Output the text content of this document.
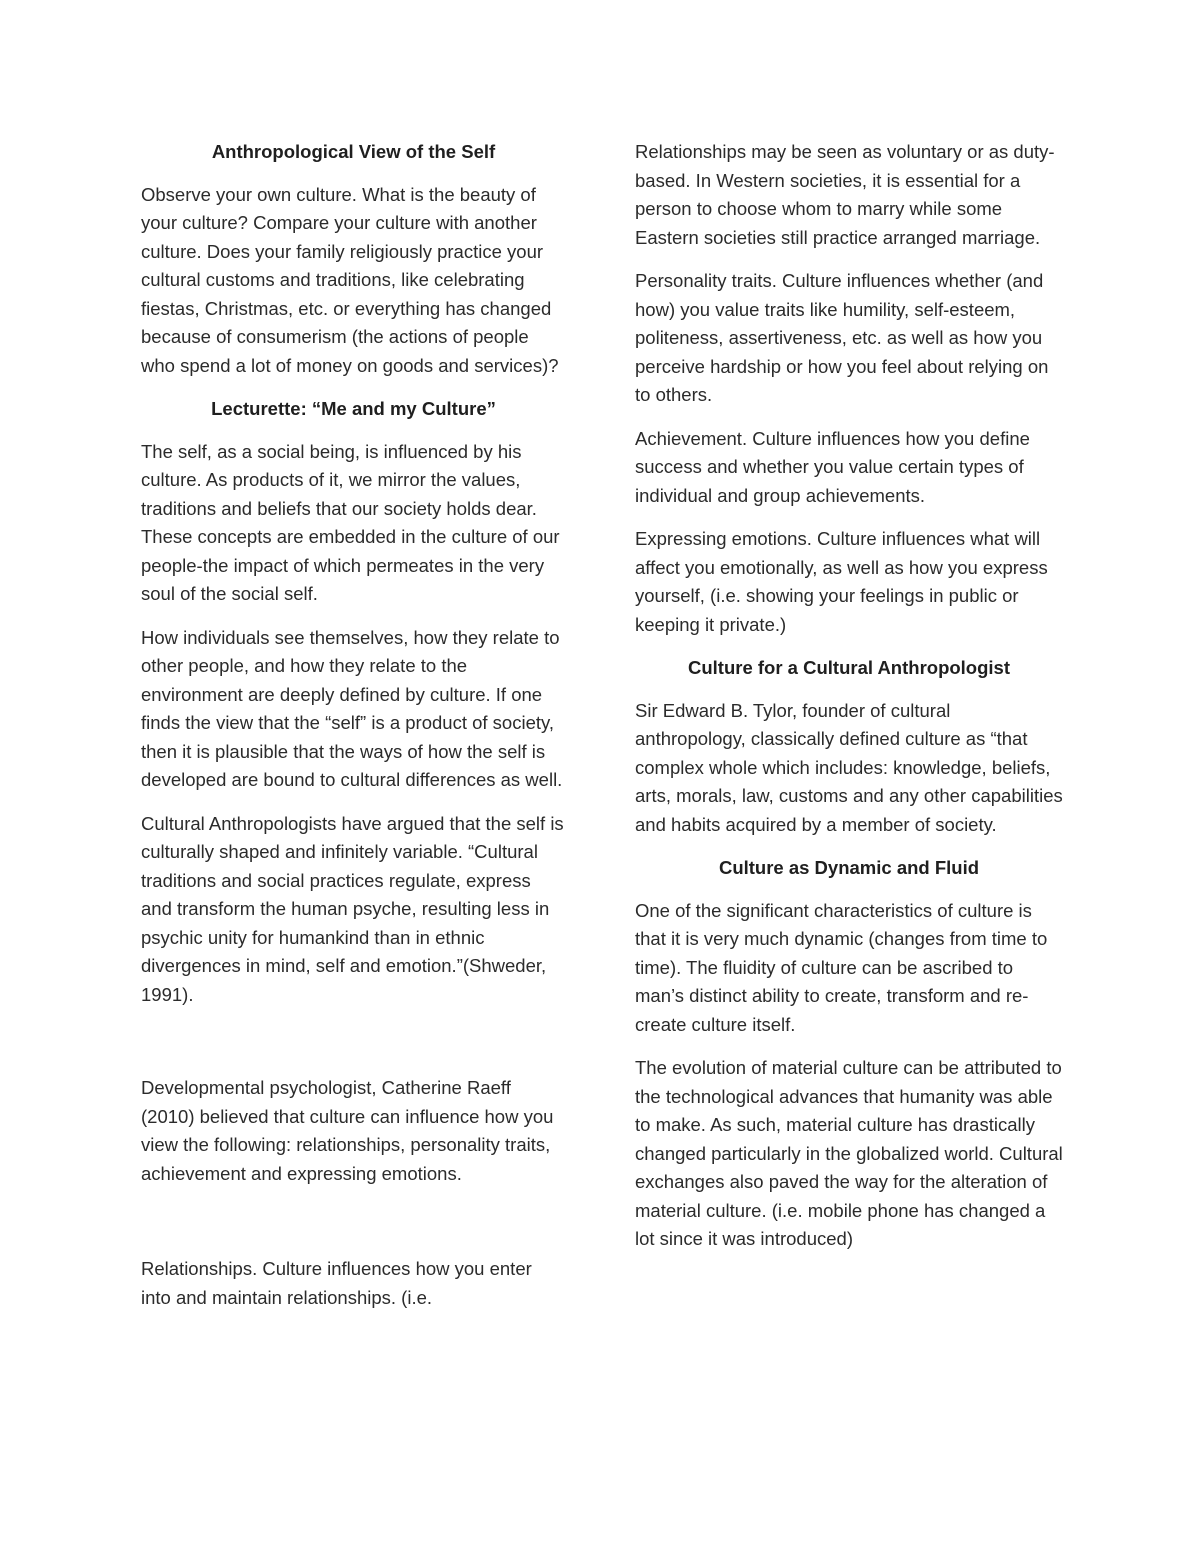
Anthropological View of the Self

Observe your own culture. What is the beauty of your culture? Compare your culture with another culture. Does your family religiously practice your cultural customs and traditions, like celebrating fiestas, Christmas, etc. or everything has changed because of consumerism (the actions of people who spend a lot of money on goods and services)?

Lecturette: “Me and my Culture”

The self, as a social being, is influenced by his culture. As products of it, we mirror the values, traditions and beliefs that our society holds dear. These concepts are embedded in the culture of our people-the impact of which permeates in the very soul of the social self.

How individuals see themselves, how they relate to other people, and how they relate to the environment are deeply defined by culture. If one finds the view that the “self” is a product of society, then it is plausible that the ways of how the self is developed are bound to cultural differences as well.

Cultural Anthropologists have argued that the self is culturally shaped and infinitely variable. “Cultural traditions and social practices regulate, express and transform the human psyche, resulting less in psychic unity for humankind than in ethnic divergences in mind, self and emotion.”(Shweder, 1991).

Developmental psychologist, Catherine Raeff (2010) believed that culture can influence how you view the following: relationships, personality traits, achievement and expressing emotions.

Relationships. Culture influences how you enter into and maintain relationships. (i.e.

Relationships may be seen as voluntary or as duty-based. In Western societies, it is essential for a person to choose whom to marry while some Eastern societies still practice arranged marriage.

Personality traits. Culture influences whether (and how) you value traits like humility, self-esteem, politeness, assertiveness, etc. as well as how you perceive hardship or how you feel about relying on to others.

Achievement. Culture influences how you define success and whether you value certain types of individual and group achievements.

Expressing emotions. Culture influences what will affect you emotionally, as well as how you express yourself, (i.e. showing your feelings in public or keeping it private.)

Culture for a Cultural Anthropologist

Sir Edward B. Tylor, founder of cultural anthropology, classically defined culture as “that complex whole which includes: knowledge, beliefs, arts, morals, law, customs and any other capabilities and habits acquired by a member of society.

Culture as Dynamic and Fluid

One of the significant characteristics of culture is that it is very much dynamic (changes from time to time). The fluidity of culture can be ascribed to man’s distinct ability to create, transform and re-create culture itself.

The evolution of material culture can be attributed to the technological advances that humanity was able to make. As such, material culture has drastically changed particularly in the globalized world. Cultural exchanges also paved the way for the alteration of material culture. (i.e. mobile phone has changed a lot since it was introduced)
